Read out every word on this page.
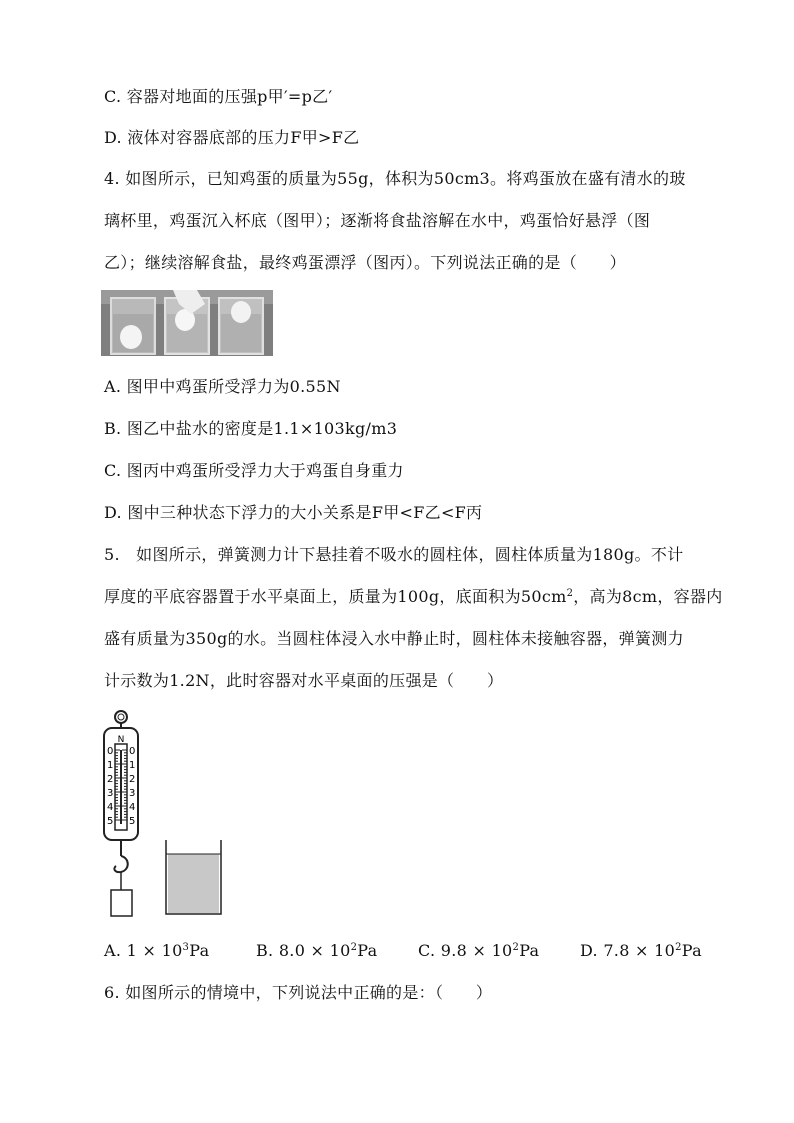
C. 容器对地面的压强p甲′=p乙′
D. 液体对容器底部的压力F甲>F乙
4. 如图所示，已知鸡蛋的质量为55g，体积为50cm3。将鸡蛋放在盛有清水的玻
璃杯里，鸡蛋沉入杯底（图甲）；逐渐将食盐溶解在水中，鸡蛋恰好悬浮（图
乙）；继续溶解食盐，最终鸡蛋漂浮（图丙）。下列说法正确的是（　　）
A. 图甲中鸡蛋所受浮力为0.55N
B. 图乙中盐水的密度是1.1×103kg/m3
C. 图丙中鸡蛋所受浮力大于鸡蛋自身重力
D. 图中三种状态下浮力的大小关系是F甲<F乙<F丙
5.　如图所示，弹簧测力计下悬挂着不吸水的圆柱体，圆柱体质量为180g。不计
厚度的平底容器置于水平桌面上，质量为100g，底面积为$50cm^2$，高为8cm，容器内
盛有质量为350g的水。当圆柱体浸入水中静止时，圆柱体未接触容器，弹簧测力
计示数为1.2N，此时容器对水平桌面的压强是（　　）
N
0
1
2
3
4
5
0
1
2
3
4
5
A. $1 \times 10^3Pa$	B. $8.0 \times 10^2Pa$	C. $9.8 \times 10^2Pa$	D. $7.8 \times 10^2Pa$
6. 如图所示的情境中，下列说法中正确的是：（　　）
